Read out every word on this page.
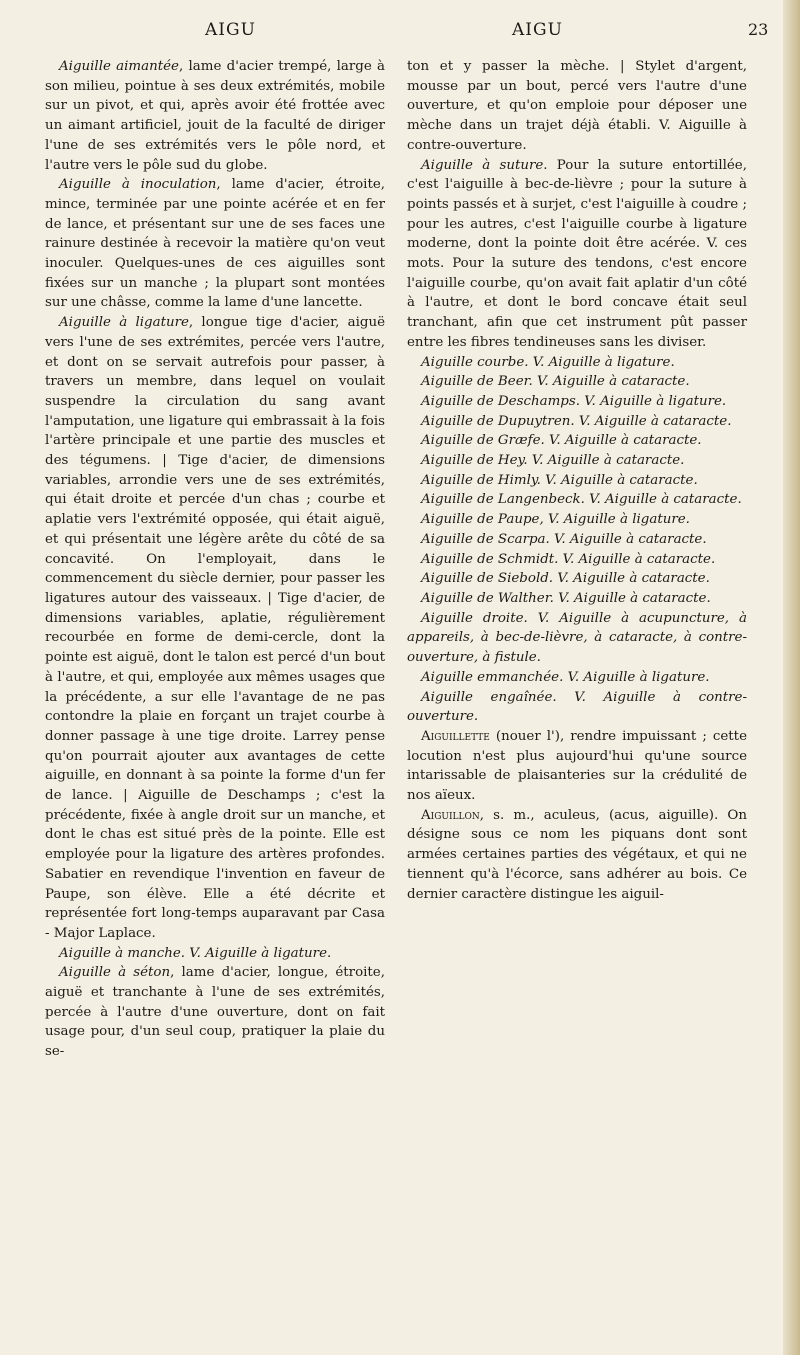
AIGU	AIGU	23

Aiguille aimantée, lame d'acier trempé, large à son milieu, pointue à ses deux extrémités, mobile sur un pivot, et qui, après avoir été frottée avec un aimant artificiel, jouit de la faculté de diriger l'une de ses extrémités vers le pôle nord, et l'autre vers le pôle sud du globe.

Aiguille à inoculation, lame d'acier, étroite, mince, terminée par une pointe acérée et en fer de lance, et présentant sur une de ses faces une rainure destinée à recevoir la matière qu'on veut inoculer. Quelques-unes de ces aiguilles sont fixées sur un manche ; la plupart sont montées sur une châsse, comme la lame d'une lancette.

Aiguille à ligature, longue tige d'acier, aiguë vers l'une de ses extrémites, percée vers l'autre, et dont on se servait autrefois pour passer, à travers un membre, dans lequel on voulait suspendre la circulation du sang avant l'amputation, une ligature qui embrassait à la fois l'artère principale et une partie des muscles et des tégumens. | Tige d'acier, de dimensions variables, arrondie vers une de ses extrémités, qui était droite et percée d'un chas ; courbe et aplatie vers l'extrémité opposée, qui était aiguë, et qui présentait une légère arête du côté de sa concavité. On l'employait, dans le commencement du siècle dernier, pour passer les ligatures autour des vaisseaux. | Tige d'acier, de dimensions variables, aplatie, régulièrement recourbée en forme de demi-cercle, dont la pointe est aiguë, dont le talon est percé d'un bout à l'autre, et qui, employée aux mêmes usages que la précédente, a sur elle l'avantage de ne pas contondre la plaie en forçant un trajet courbe à donner passage à une tige droite. Larrey pense qu'on pourrait ajouter aux avantages de cette aiguille, en donnant à sa pointe la forme d'un fer de lance. | Aiguille de Deschamps ; c'est la précédente, fixée à angle droit sur un manche, et dont le chas est situé près de la pointe. Elle est employée pour la ligature des artères profondes. Sabatier en revendique l'invention en faveur de Paupe, son élève. Elle a été décrite et représentée fort long-temps auparavant par Casa - Major Laplace.

Aiguille à manche. V. Aiguille à ligature.

Aiguille à séton, lame d'acier, longue, étroite, aiguë et tranchante à l'une de ses extrémités, percée à l'autre d'une ouverture, dont on fait usage pour, d'un seul coup, pratiquer la plaie du se-

ton et y passer la mèche. | Stylet d'argent, mousse par un bout, percé vers l'autre d'une ouverture, et qu'on emploie pour déposer une mèche dans un trajet déjà établi. V. Aiguille à contre-ouverture.

Aiguille à suture. Pour la suture entortillée, c'est l'aiguille à bec-de-lièvre ; pour la suture à points passés et à surjet, c'est l'aiguille à coudre ; pour les autres, c'est l'aiguille courbe à ligature moderne, dont la pointe doit être acérée. V. ces mots. Pour la suture des tendons, c'est encore l'aiguille courbe, qu'on avait fait aplatir d'un côté à l'autre, et dont le bord concave était seul tranchant, afin que cet instrument pût passer entre les fibres tendineuses sans les diviser.

Aiguille courbe. V. Aiguille à ligature.

Aiguille de Beer. V. Aiguille à cataracte.

Aiguille de Deschamps. V. Aiguille à ligature.

Aiguille de Dupuytren. V. Aiguille à cataracte.

Aiguille de Græfe. V. Aiguille à cataracte.

Aiguille de Hey. V. Aiguille à cataracte.

Aiguille de Himly. V. Aiguille à cataracte.

Aiguille de Langenbeck. V. Aiguille à cataracte.

Aiguille de Paupe, V. Aiguille à ligature.

Aiguille de Scarpa. V. Aiguille à cataracte.

Aiguille de Schmidt. V. Aiguille à cataracte.

Aiguille de Siebold. V. Aiguille à cataracte.

Aiguille de Walther. V. Aiguille à cataracte.

Aiguille droite. V. Aiguille à acupuncture, à appareils, à bec-de-lièvre, à cataracte, à contre-ouverture, à fistule.

Aiguille emmanchée. V. Aiguille à ligature.

Aiguille engaînée. V. Aiguille à contre-ouverture.

Aiguillette (nouer l'), rendre impuissant ; cette locution n'est plus aujourd'hui qu'une source intarissable de plaisanteries sur la crédulité de nos aïeux.

Aiguillon, s. m., aculeus, (acus, aiguille). On désigne sous ce nom les piquans dont sont armées certaines parties des végétaux, et qui ne tiennent qu'à l'écorce, sans adhérer au bois. Ce dernier caractère distingue les aiguil-
